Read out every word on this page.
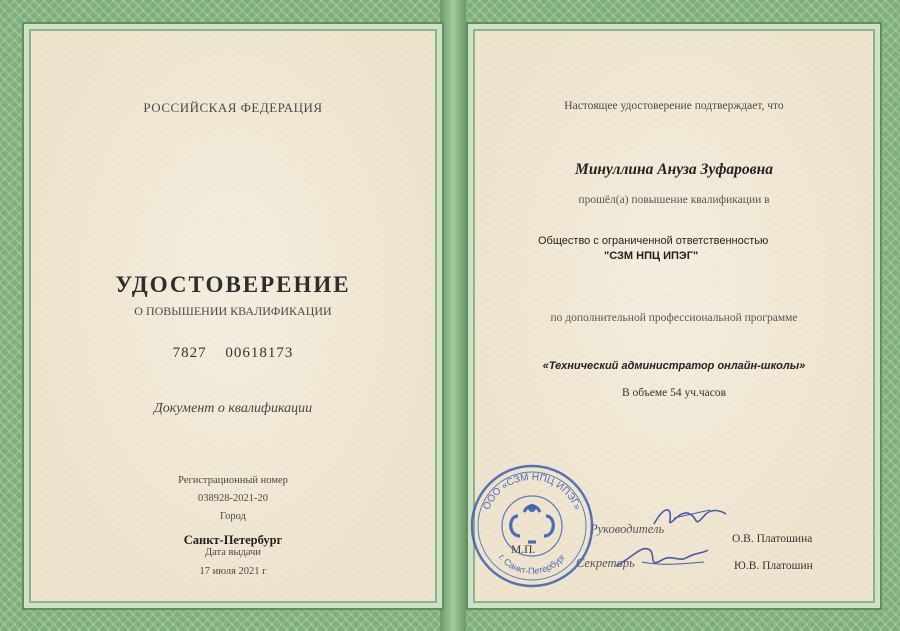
РОССИЙСКАЯ ФЕДЕРАЦИЯ
УДОСТОВЕРЕНИЕ
О ПОВЫШЕНИИ КВАЛИФИКАЦИИ
7827 00618173
Документ о квалификации
Регистрационный номер
038928-2021-20
Город
Санкт-Петербург
Дата выдачи
17 июля 2021 г
Настоящее удостоверение подтверждает, что
Минуллина Ануза Зуфаровна
прошёл(а) повышение квалификации в
Общество с ограниченной ответственностью
"СЗМ НПЦ ИПЭГ"
по дополнительной профессиональной программе
«Технический администратор онлайн-школы»
В объеме 54 уч.часов
Руководитель
О.В. Платошина
М.П.
Секретарь	Ю.В. Платошин
ООО «СЗМ НПЦ ИПЭГ»
г. Санкт-Петербург
